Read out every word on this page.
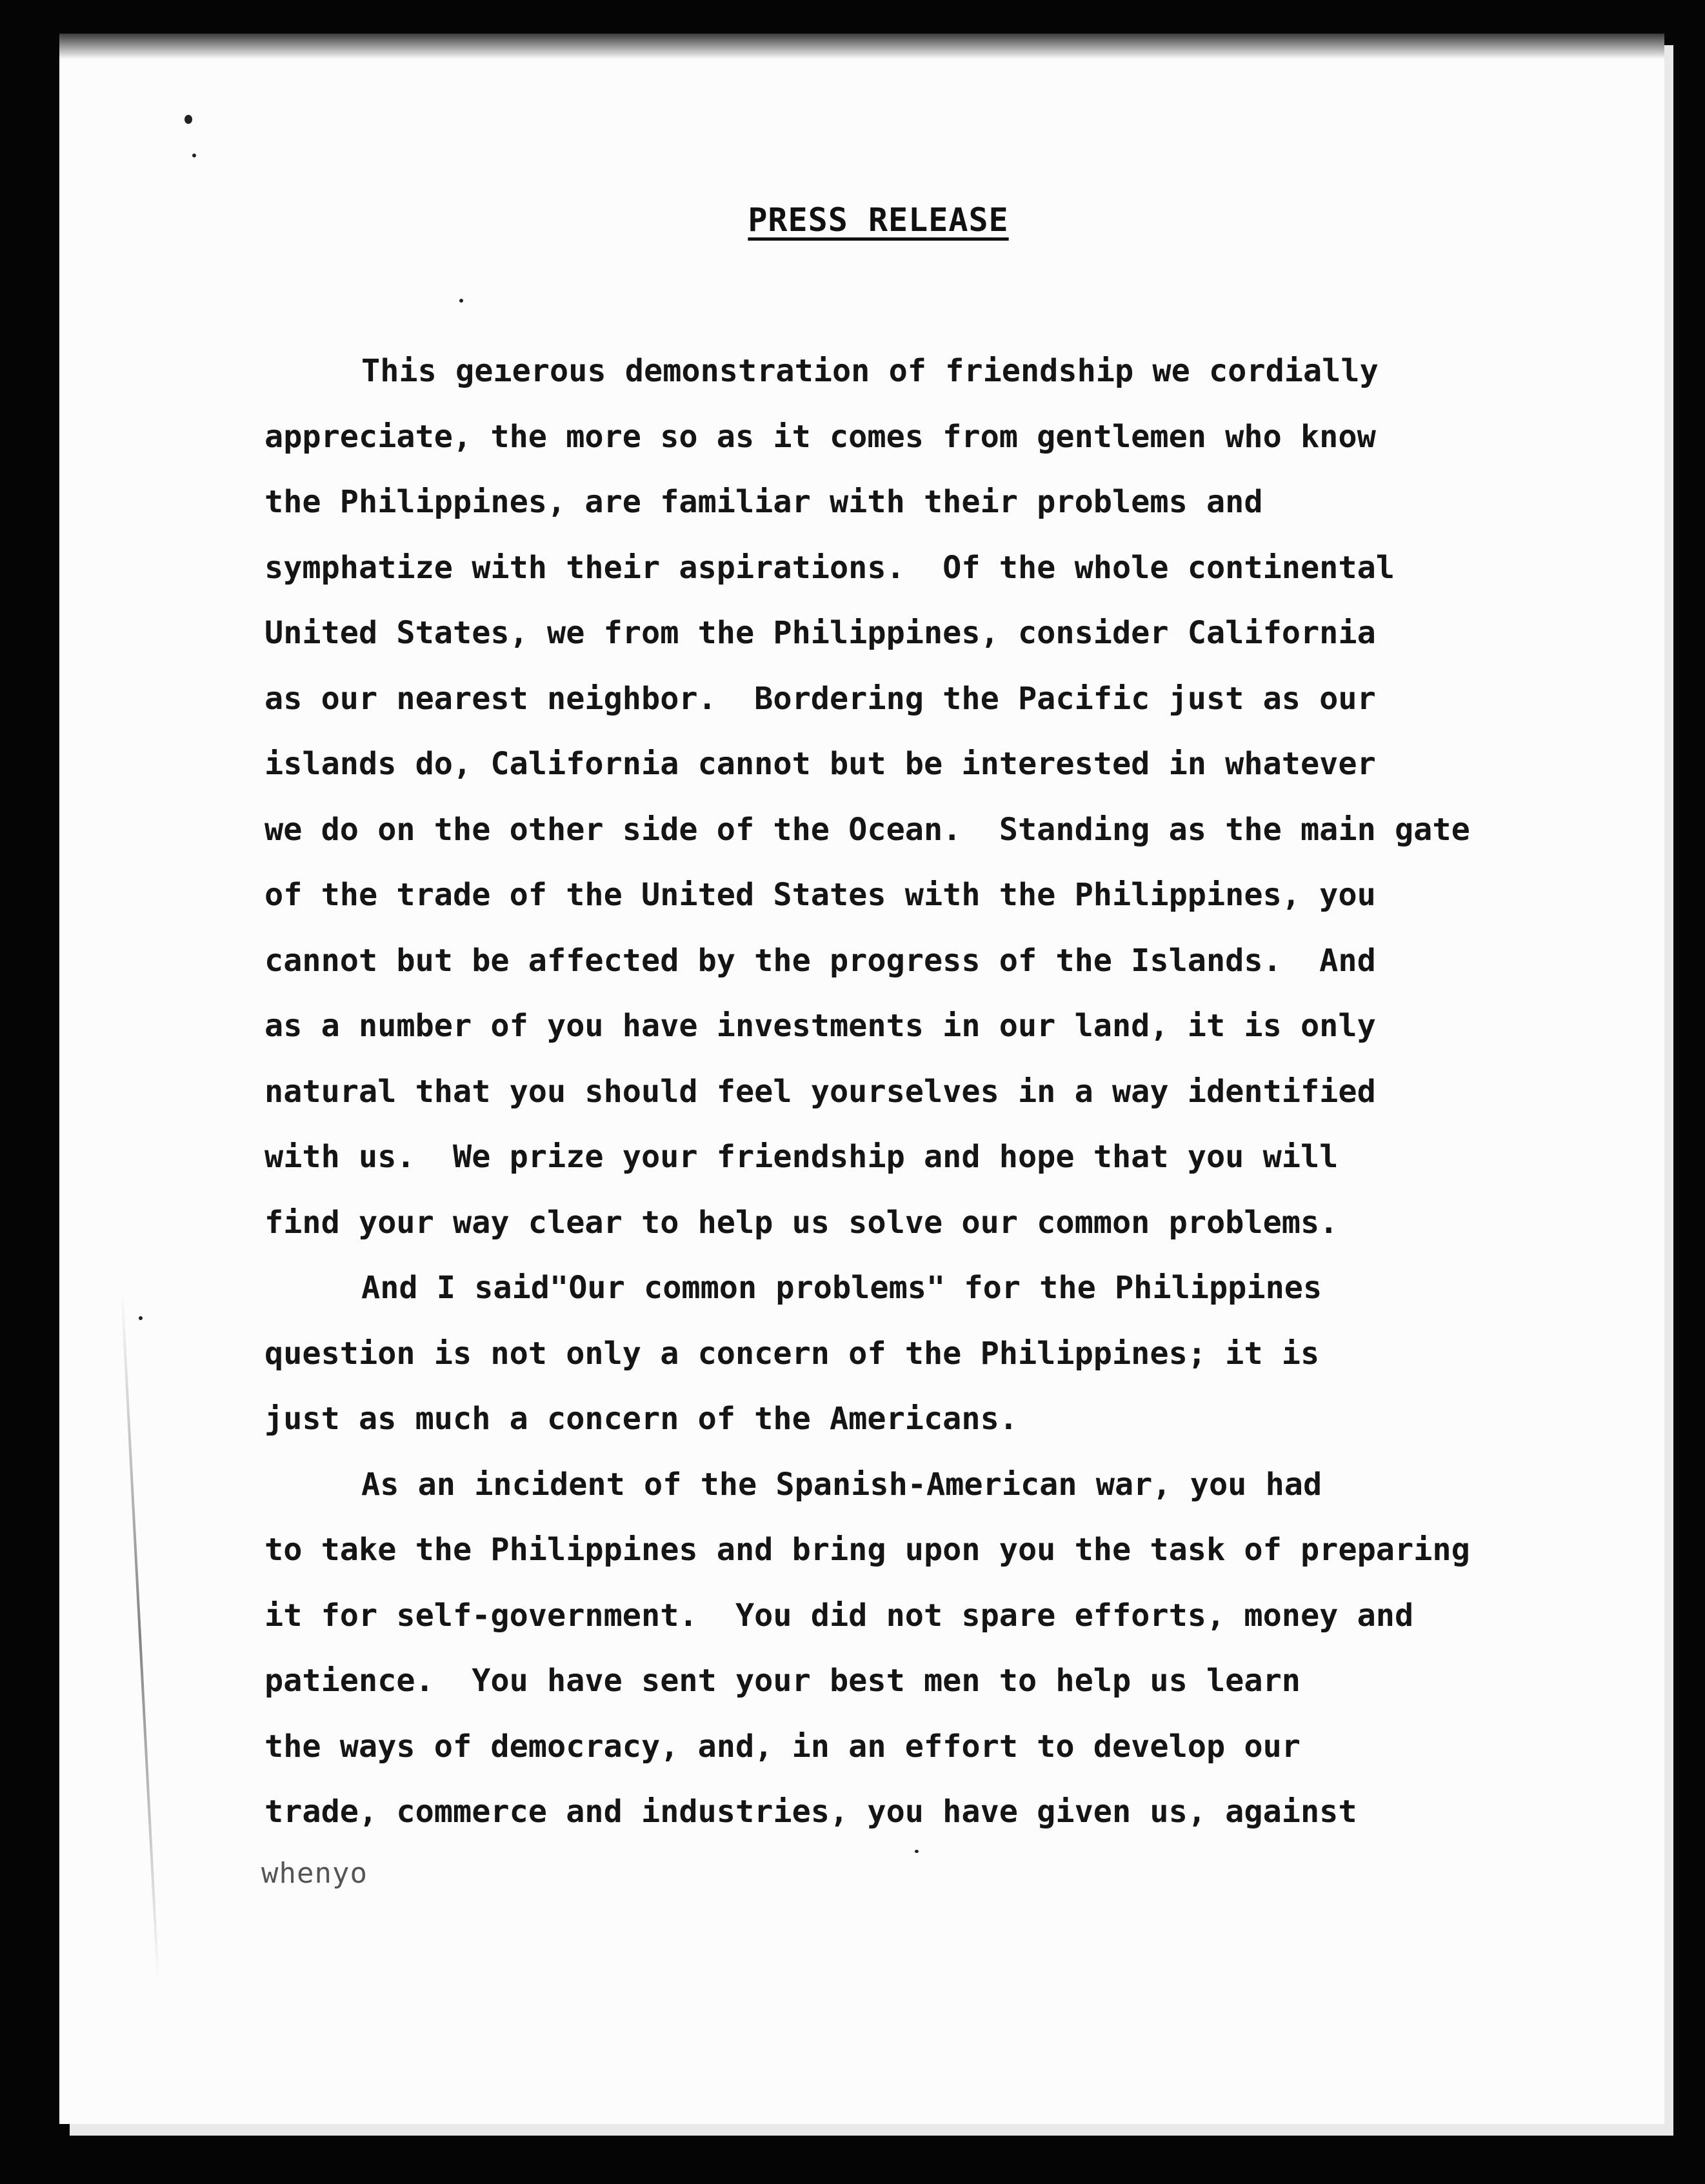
PRESS RELEASE

This geıerous demonstration of friendship we cordially
appreciate, the more so as it comes from gentlemen who know
the Philippines, are familiar with their problems and
symphatize with their aspirations.  Of the whole continental
United States, we from the Philippines, consider California
as our nearest neighbor.  Bordering the Pacific just as our
islands do, California cannot but be interested in whatever
we do on the other side of the Ocean.  Standing as the main gate
of the trade of the United States with the Philippines, you
cannot but be affected by the progress of the Islands.  And
as a number of you have investments in our land, it is only
natural that you should feel yourselves in a way identified
with us.  We prize your friendship and hope that you will
find your way clear to help us solve our common problems.

And I said"Our common problems" for the Philippines
question is not only a concern of the Philippines; it is
just as much a concern of the Americans.

As an incident of the Spanish-American war, you had
to take the Philippines and bring upon you the task of preparing
it for self-government.  You did not spare efforts, money and
patience.  You have sent your best men to help us learn
the ways of democracy, and, in an effort to develop our
trade, commerce and industries, you have given us, against

whenyo
